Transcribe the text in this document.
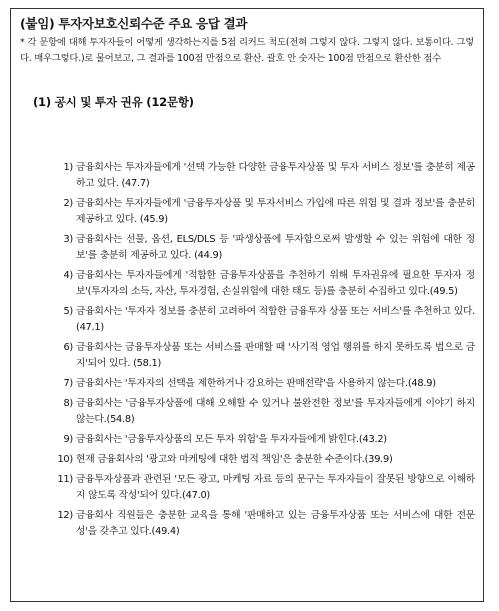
(붙임) 투자자보호신뢰수준 주요 응답 결과
* 각 문항에 대해 투자자들이 어떻게 생각하는지를 5점 리커드 척도(전혀 그렇지 않다. 그렇지 않다. 보통이다. 그렇다. 매우그렇다.)로 물어보고, 그 결과를 100점 만점으로 환산. 괄호 안 숫자는 100점 만점으로 환산한 점수
(1) 공시 및 투자 권유 (12문항)
1) 금융회사는 투자자들에게 '선택 가능한 다양한 금융투자상품 및 투자 서비스 정보'를 충분히 제공하고 있다. (47.7)
2) 금융회사는 투자자들에게 '금융투자상품 및 투자서비스 가입에 따른 위험 및 결과 정보'를 충분히 제공하고 있다. (45.9)
3) 금융회사는 선물, 옵션, ELS/DLS 등 '파생상품에 투자함으로써 발생할 수 있는 위험에 대한 정보'를 충분히 제공하고 있다. (44.9)
4) 금융회사는 투자자들에게 '적합한 금융투자상품을 추천하기 위해 투자권유에 필요한 투자자 정보'(투자자의 소득, 자산, 투자경험, 손실위험에 대한 태도 등)를 충분히 수집하고 있다.(49.5)
5) 금융회사는 '투자자 정보를 충분히 고려하여 적합한 금융투자 상품 또는 서비스'를 추천하고 있다.(47.1)
6) 금융회사는 금융투자상품 또는 서비스를 판매할 때 '사기적 영업 행위를 하지 못하도록 법으로 금지'되어 있다. (58.1)
7) 금융회사는 '투자자의 선택을 제한하거나 강요하는 판매전략'을 사용하지 않는다.(48.9)
8) 금융회사는 '금융투자상품에 대해 오해할 수 있거나 불완전한 정보'를 투자자들에게 이야기 하지 않는다.(54.8)
9) 금융회사는 '금융투자상품의 모든 투자 위험'을 투자자들에게 밝힌다.(43.2)
10) 현재 금융회사의 '광고와 마케팅에 대한 법적 책임'은 충분한 수준이다.(39.9)
11) 금융투자상품과 관련된 '모든 광고, 마케팅 자료 등의 문구는 투자자들이 잘못된 방향으로 이해하지 않도록 작성'되어 있다.(47.0)
12) 금융회사 직원들은 충분한 교육을 통해 '판매하고 있는 금융투자상품 또는 서비스에 대한 전문성'을 갖추고 있다.(49.4)
